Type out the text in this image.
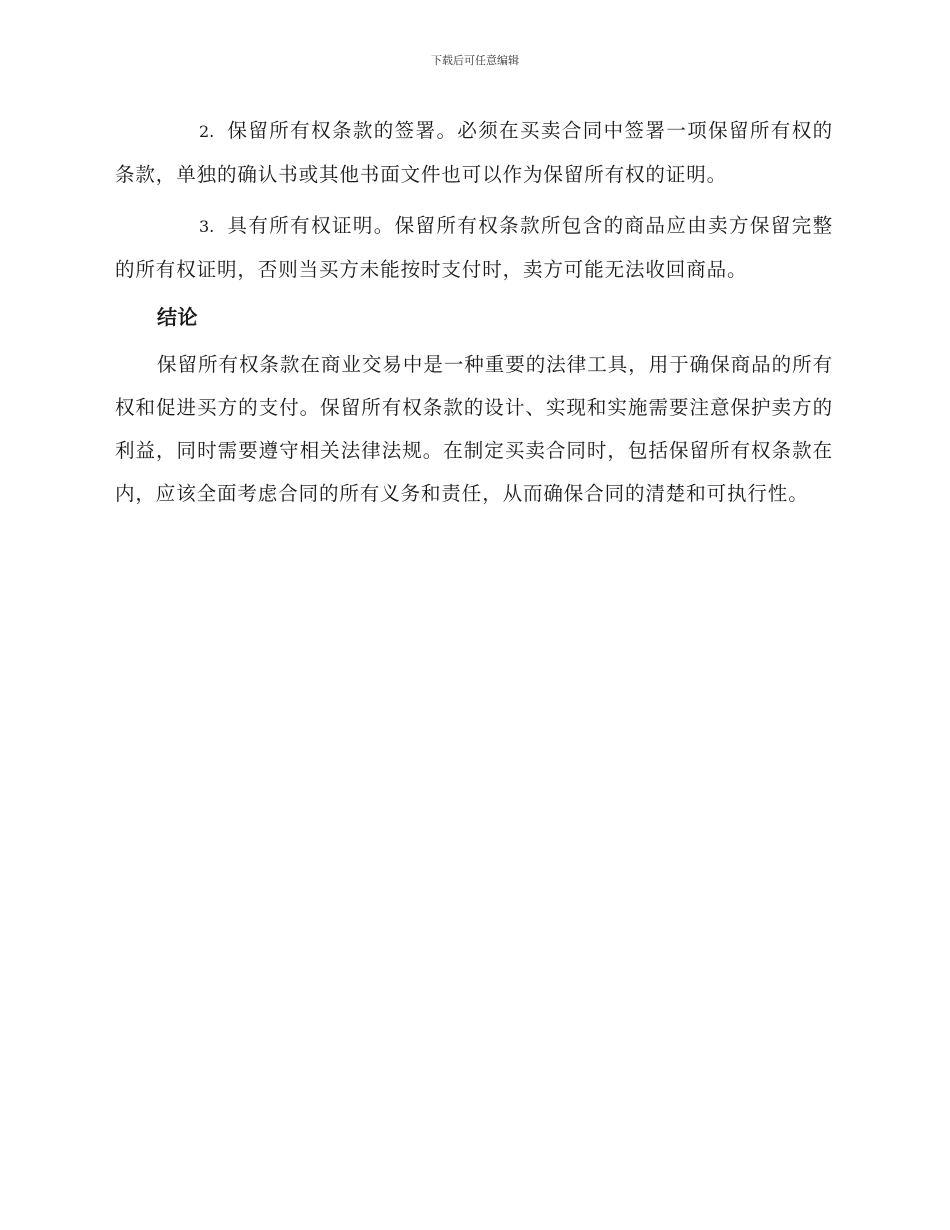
下载后可任意编辑

2. 保留所有权条款的签署。必须在买卖合同中签署一项保留所有权的条款，单独的确认书或其他书面文件也可以作为保留所有权的证明。

3. 具有所有权证明。保留所有权条款所包含的商品应由卖方保留完整的所有权证明，否则当买方未能按时支付时，卖方可能无法收回商品。

结论

保留所有权条款在商业交易中是一种重要的法律工具，用于确保商品的所有权和促进买方的支付。保留所有权条款的设计、实现和实施需要注意保护卖方的利益，同时需要遵守相关法律法规。在制定买卖合同时，包括保留所有权条款在内，应该全面考虑合同的所有义务和责任，从而确保合同的清楚和可执行性。
